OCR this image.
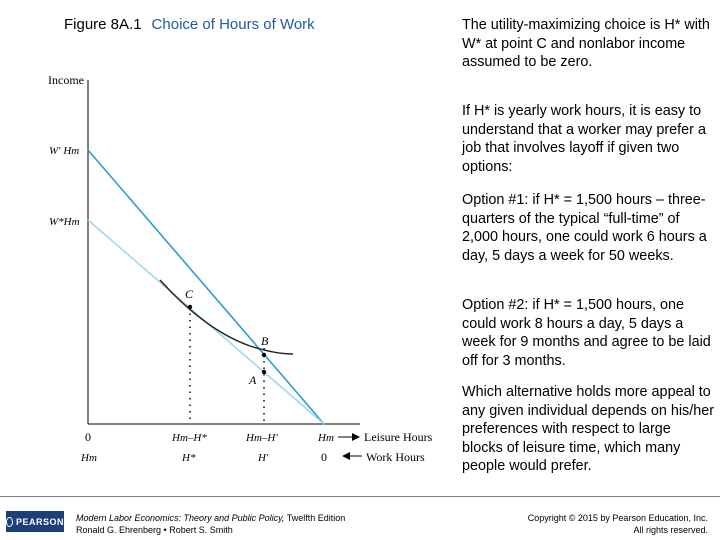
Figure 8A.1 Choice of Hours of Work
C
B
A
Income
W′ Hm
W*Hm
0	Hm–H*	Hm–H′	Hm	Leisure Hours
Hm	H*	H′	0	Work Hours

The utility-maximizing choice is H* with W* at point C and nonlabor income assumed to be zero.

If H* is yearly work hours, it is easy to understand that a worker may prefer a job that involves layoff if given two options:

Option #1: if H* = 1,500 hours – three-quarters of the typical “full-time” of 2,000 hours, one could work 6 hours a day, 5 days a week for 50 weeks.

Option #2: if H* = 1,500 hours, one could work 8 hours a day, 5 days a week for 9 months and agree to be laid off for 3 months.

Which alternative holds more appeal to any given individual depends on his/her preferences with respect to large blocks of leisure time, which many people would prefer.

PEARSON Modern Labor Economics: Theory and Public Policy, Twelfth Edition
Ronald G. Ehrenberg • Robert S. Smith
Copyright © 2015 by Pearson Education, Inc.
All rights reserved.
